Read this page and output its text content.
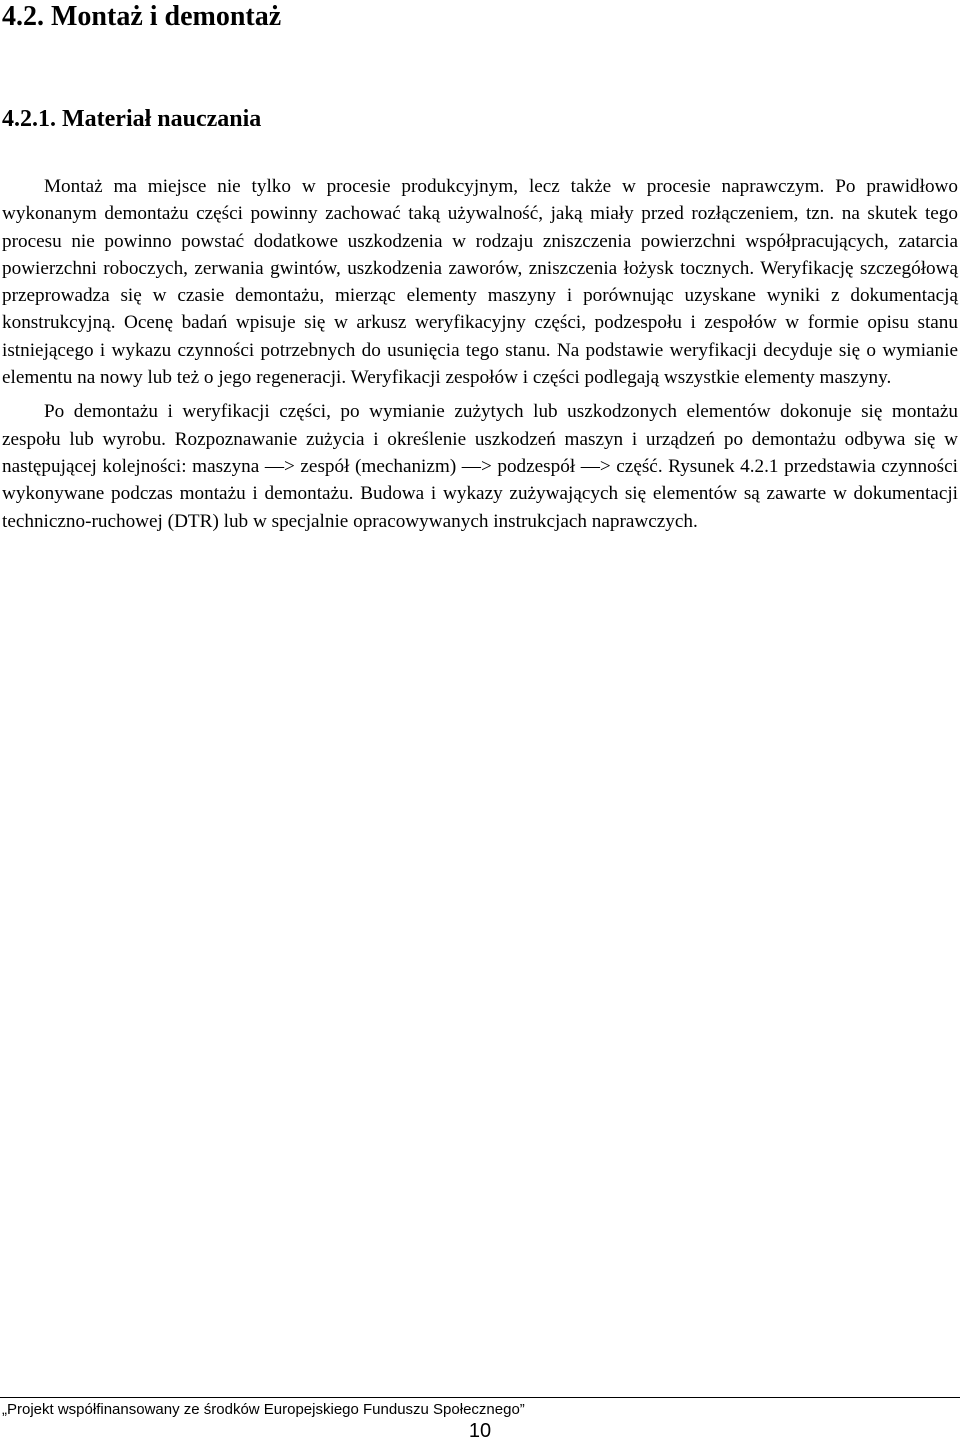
4.2. Montaż i demontaż
4.2.1. Materiał nauczania

Montaż ma miejsce nie tylko w procesie produkcyjnym, lecz także w procesie naprawczym. Po prawidłowo wykonanym demontażu części powinny zachować taką używalność, jaką miały przed rozłączeniem, tzn. na skutek tego procesu nie powinno powstać dodatkowe uszkodzenia w rodzaju zniszczenia powierzchni współpracujących, zatarcia powierzchni roboczych, zerwania gwintów, uszkodzenia zaworów, zniszczenia łożysk tocznych. Weryfikację szczegółową przeprowadza się w czasie demontażu, mierząc elementy maszyny i porównując uzyskane wyniki z dokumentacją konstrukcyjną. Ocenę badań wpisuje się w arkusz weryfikacyjny części, podzespołu i zespołów w formie opisu stanu istniejącego i wykazu czynności potrzebnych do usunięcia tego stanu. Na podstawie weryfikacji decyduje się o wymianie elementu na nowy lub też o jego regeneracji. Weryfikacji zespołów i części podlegają wszystkie elementy maszyny.

Po demontażu i weryfikacji części, po wymianie zużytych lub uszkodzonych elementów dokonuje się montażu zespołu lub wyrobu. Rozpoznawanie zużycia i określenie uszkodzeń maszyn i urządzeń po demontażu odbywa się w następującej kolejności: maszyna —> zespół (mechanizm) —> podzespół —> część. Rysunek 4.2.1 przedstawia czynności wykonywane podczas montażu i demontażu. Budowa i wykazy zużywających się elementów są zawarte w dokumentacji techniczno-ruchowej (DTR) lub w specjalnie opracowywanych instrukcjach naprawczych.

„Projekt współfinansowany ze środków Europejskiego Funduszu Społecznego”
10
